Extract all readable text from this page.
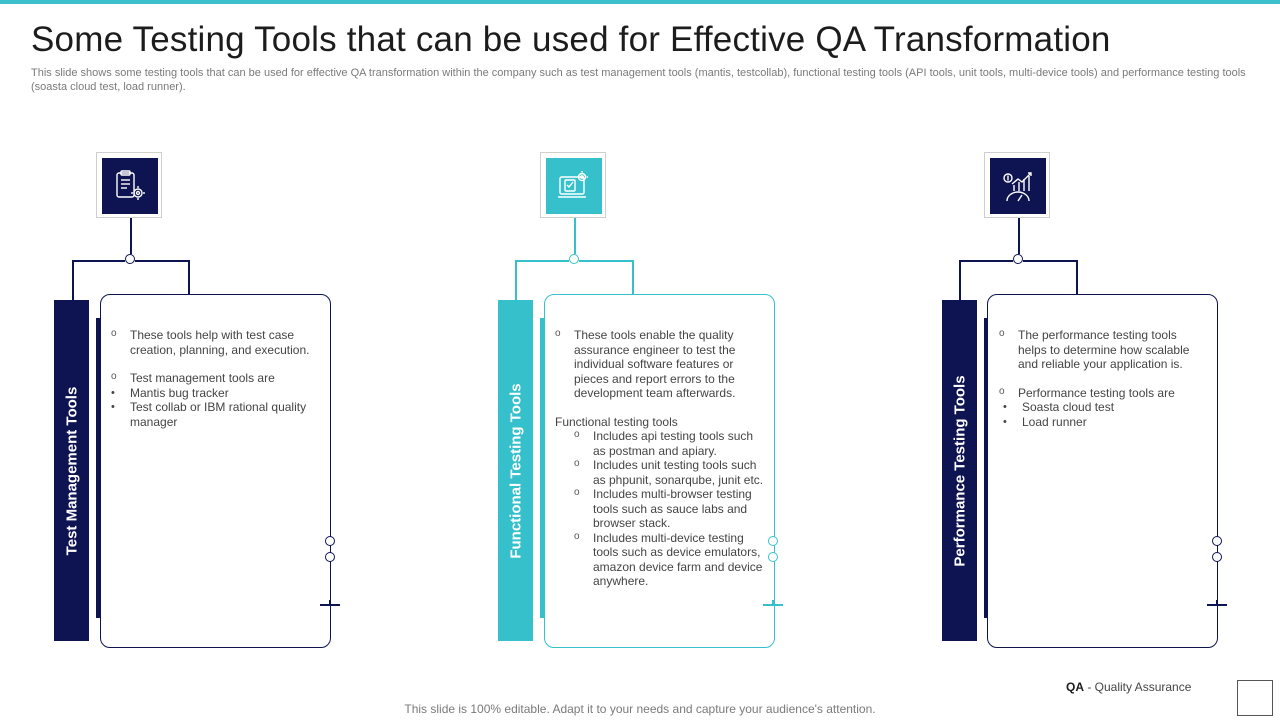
Some Testing Tools that can be used for Effective QA Transformation
This slide shows some testing tools that can be used for effective QA transformation within the company such as test management tools (mantis, testcollab), functional testing tools (API tools, unit tools, multi-device tools) and performance testing tools (soasta cloud test, load runner).
Test Management Tools
o These tools help with test case creation, planning, and execution.
o Test management tools are
• Mantis bug tracker
• Test collab or IBM rational quality manager	Functional Testing Tools
o These tools enable the quality assurance engineer to test the individual software features or pieces and report errors to the development team afterwards.
Functional testing tools
o Includes api testing tools such as postman and apiary.
o Includes unit testing tools such as phpunit, sonarqube, junit etc.
o Includes multi-browser testing tools such as sauce labs and browser stack.
o Includes multi-device testing tools such as device emulators, amazon device farm and device anywhere.
Performance Testing Tools
o The performance testing tools helps to determine how scalable and reliable your application is.
o Performance testing tools are
• Soasta cloud test
• Load runner
QA - Quality Assurance
This slide is 100% editable. Adapt it to your needs and capture your audience's attention.
